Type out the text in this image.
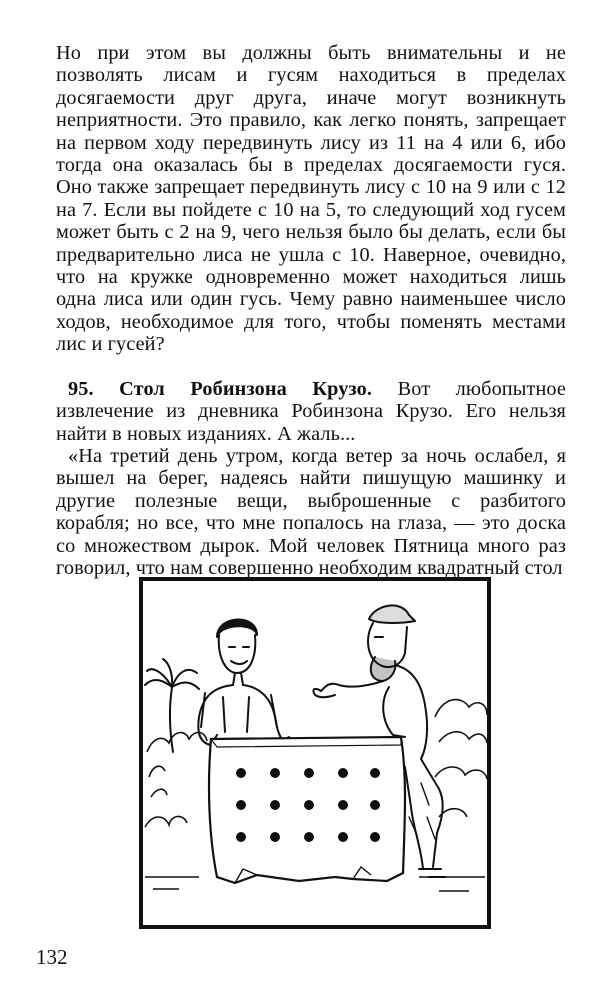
Но при этом вы должны быть внимательны и не позволять лисам и гусям находиться в пределах досягаемости друг друга, иначе могут возникнуть неприятности. Это правило, как легко понять, запрещает на первом ходу передвинуть лису из 11 на 4 или 6, ибо тогда она оказалась бы в пределах досягаемости гуся. Оно также запрещает передвинуть лису с 10 на 9 или с 12 на 7. Если вы пойдете с 10 на 5, то следующий ход гусем может быть с 2 на 9, чего нельзя было бы делать, если бы предварительно лиса не ушла с 10. Наверное, очевидно, что на кружке одновременно может находиться лишь одна лиса или один гусь. Чему равно наименьшее число ходов, необходимое для того, чтобы поменять местами лис и гусей?

95. Стол Робинзона Крузо. Вот любопытное извлечение из дневника Робинзона Крузо. Его нельзя найти в новых изданиях. А жаль...

«На третий день утром, когда ветер за ночь ослабел, я вышел на берег, надеясь найти пишущую машинку и другие полезные вещи, выброшенные с разбитого корабля; но все, что мне попалось на глаза, — это доска со множеством дырок. Мой человек Пятница много раз говорил, что нам совершенно необходим квадратный стол

132
